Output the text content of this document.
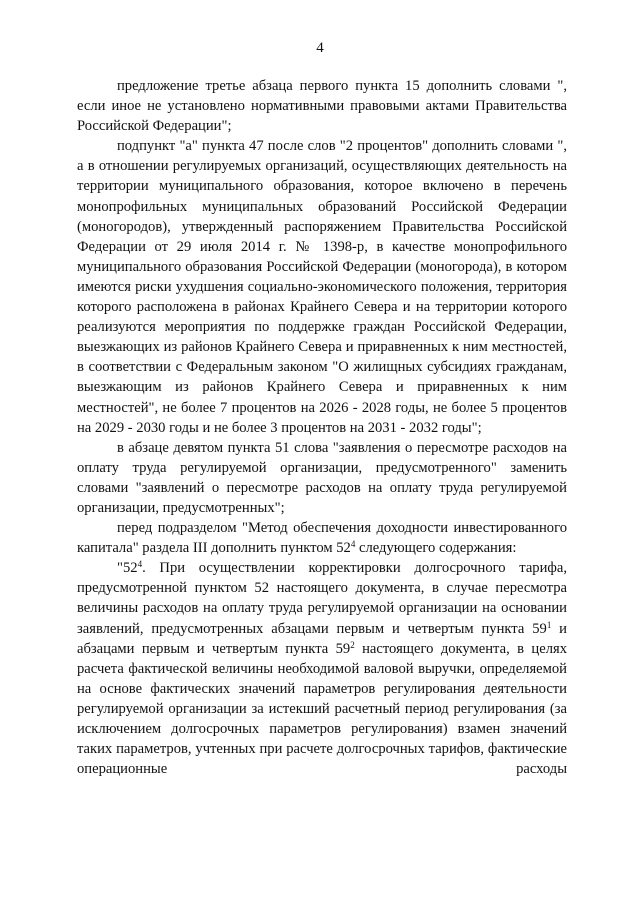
4

предложение третье абзаца первого пункта 15 дополнить словами ", если иное не установлено нормативными правовыми актами Правительства Российской Федерации";

подпункт "а" пункта 47 после слов "2 процентов" дополнить словами ", а в отношении регулируемых организаций, осуществляющих деятельность на территории муниципального образования, которое включено в перечень монопрофильных муниципальных образований Российской Федерации (моногородов), утвержденный распоряжением Правительства Российской Федерации от 29 июля 2014 г. № 1398-р, в качестве монопрофильного муниципального образования Российской Федерации (моногорода), в котором имеются риски ухудшения социально-экономического положения, территория которого расположена в районах Крайнего Севера и на территории которого реализуются мероприятия по поддержке граждан Российской Федерации, выезжающих из районов Крайнего Севера и приравненных к ним местностей, в соответствии с Федеральным законом "О жилищных субсидиях гражданам, выезжающим из районов Крайнего Севера и приравненных к ним местностей", не более 7 процентов на 2026 - 2028 годы, не более 5 процентов на 2029 - 2030 годы и не более 3 процентов на 2031 - 2032 годы";

в абзаце девятом пункта 51 слова "заявления о пересмотре расходов на оплату труда регулируемой организации, предусмотренного" заменить словами "заявлений о пересмотре расходов на оплату труда регулируемой организации, предусмотренных";

перед подразделом "Метод обеспечения доходности инвестированного капитала" раздела III дополнить пунктом $52^4$ следующего содержания:

"$52^4$. При осуществлении корректировки долгосрочного тарифа, предусмотренной пунктом 52 настоящего документа, в случае пересмотра величины расходов на оплату труда регулируемой организации на основании заявлений, предусмотренных абзацами первым и четвертым пункта $59^1$ и абзацами первым и четвертым пункта $59^2$ настоящего документа, в целях расчета фактической величины необходимой валовой выручки, определяемой на основе фактических значений параметров регулирования деятельности регулируемой организации за истекший расчетный период регулирования (за исключением долгосрочных параметров регулирования) взамен значений таких параметров, учтенных при расчете долгосрочных тарифов, фактические операционные расходы
